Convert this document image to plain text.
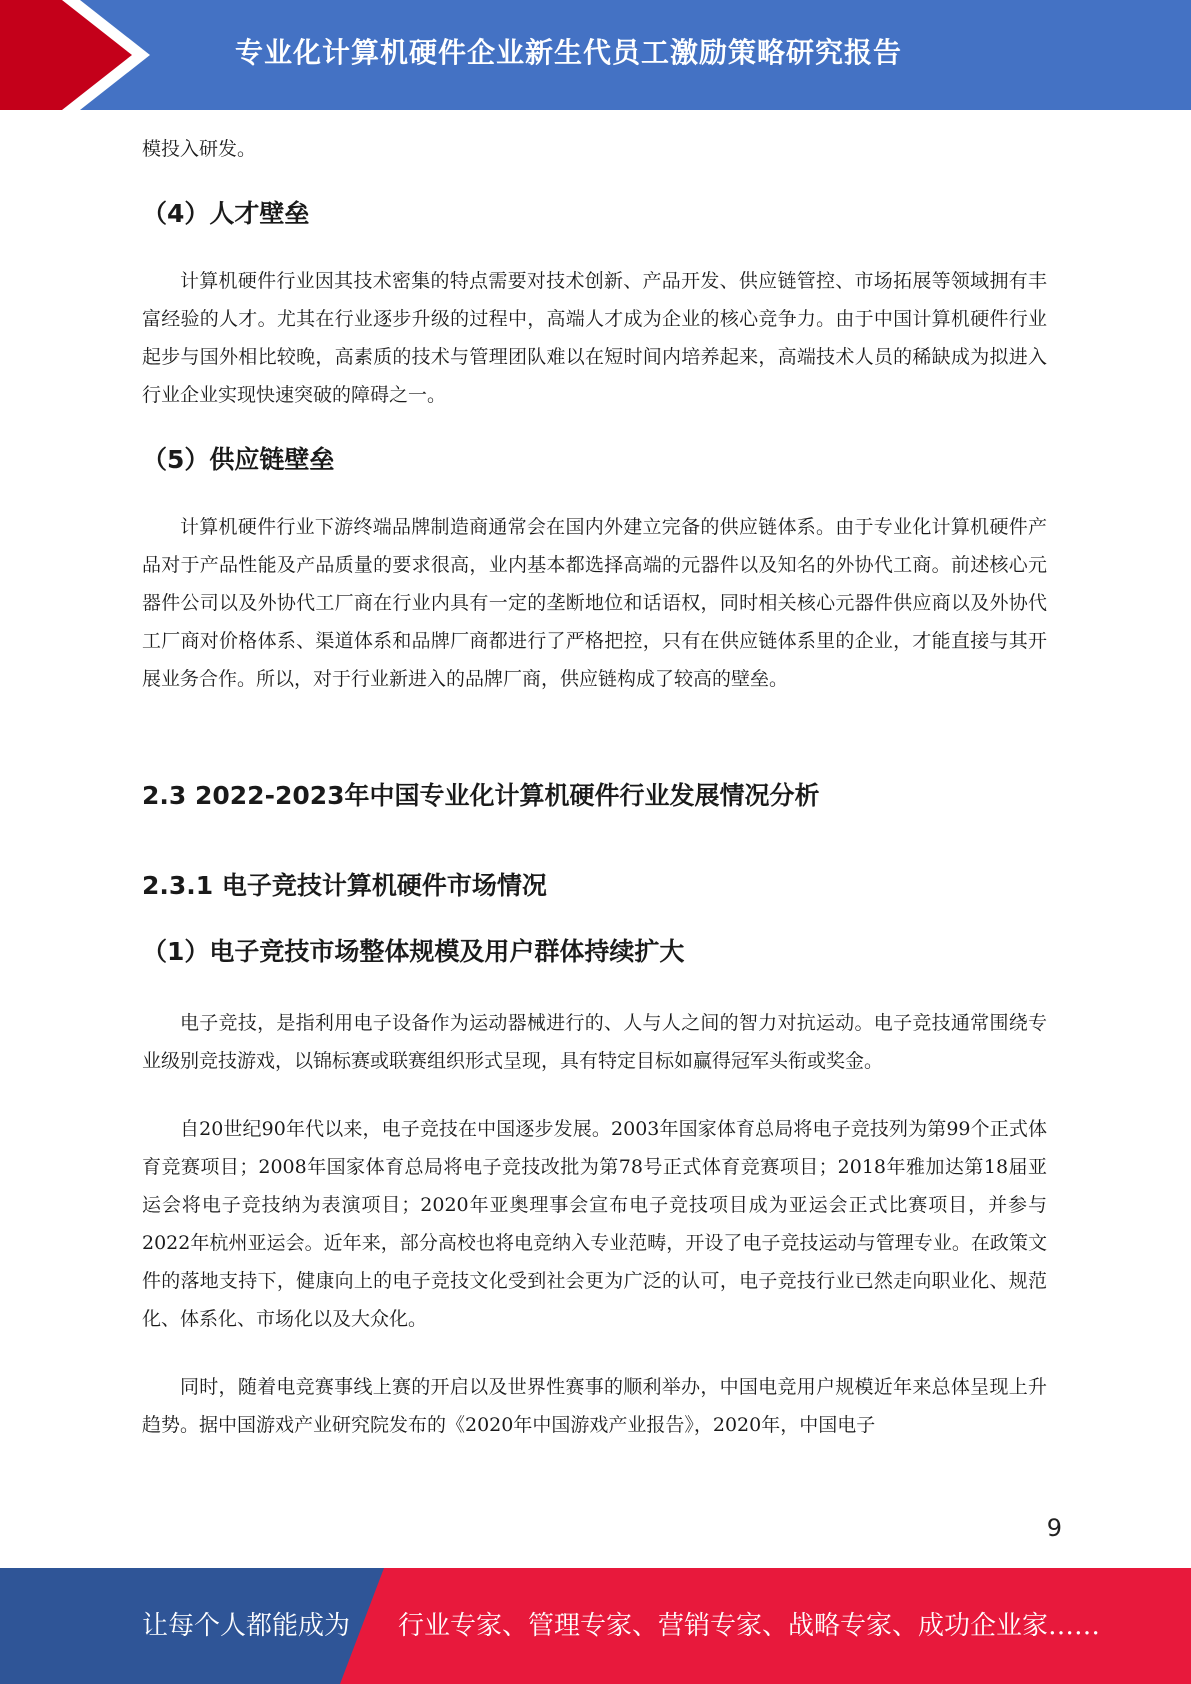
专业化计算机硬件企业新生代员工激励策略研究报告

模投入研发。

（4）人才壁垒

计算机硬件行业因其技术密集的特点需要对技术创新、产品开发、供应链管控、市场拓展等领域拥有丰富经验的人才。尤其在行业逐步升级的过程中，高端人才成为企业的核心竞争力。由于中国计算机硬件行业起步与国外相比较晚，高素质的技术与管理团队难以在短时间内培养起来，高端技术人员的稀缺成为拟进入行业企业实现快速突破的障碍之一。

（5）供应链壁垒

计算机硬件行业下游终端品牌制造商通常会在国内外建立完备的供应链体系。由于专业化计算机硬件产品对于产品性能及产品质量的要求很高，业内基本都选择高端的元器件以及知名的外协代工商。前述核心元器件公司以及外协代工厂商在行业内具有一定的垄断地位和话语权，同时相关核心元器件供应商以及外协代工厂商对价格体系、渠道体系和品牌厂商都进行了严格把控，只有在供应链体系里的企业，才能直接与其开展业务合作。所以，对于行业新进入的品牌厂商，供应链构成了较高的壁垒。

2.3 2022-2023年中国专业化计算机硬件行业发展情况分析
2.3.1 电子竞技计算机硬件市场情况
（1）电子竞技市场整体规模及用户群体持续扩大

电子竞技，是指利用电子设备作为运动器械进行的、人与人之间的智力对抗运动。电子竞技通常围绕专业级别竞技游戏，以锦标赛或联赛组织形式呈现，具有特定目标如赢得冠军头衔或奖金。

自20世纪90年代以来，电子竞技在中国逐步发展。2003年国家体育总局将电子竞技列为第99个正式体育竞赛项目；2008年国家体育总局将电子竞技改批为第78号正式体育竞赛项目；2018年雅加达第18届亚运会将电子竞技纳为表演项目；2020年亚奥理事会宣布电子竞技项目成为亚运会正式比赛项目，并参与2022年杭州亚运会。近年来，部分高校也将电竞纳入专业范畴，开设了电子竞技运动与管理专业。在政策文件的落地支持下，健康向上的电子竞技文化受到社会更为广泛的认可，电子竞技行业已然走向职业化、规范化、体系化、市场化以及大众化。

同时，随着电竞赛事线上赛的开启以及世界性赛事的顺利举办，中国电竞用户规模近年来总体呈现上升趋势。据中国游戏产业研究院发布的《2020年中国游戏产业报告》，2020年，中国电子

9
让每个人都能成为 行业专家、管理专家、营销专家、战略专家、成功企业家……
